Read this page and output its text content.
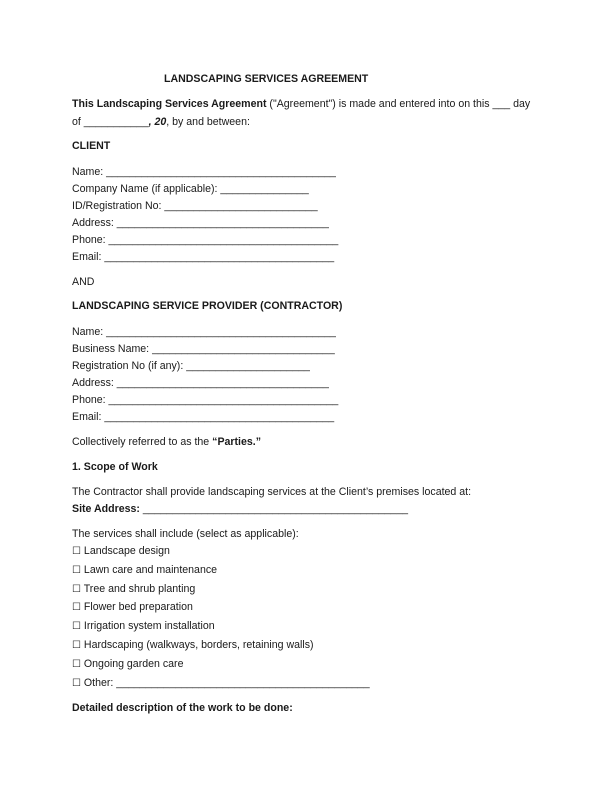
LANDSCAPING SERVICES AGREEMENT

This Landscaping Services Agreement ("Agreement") is made and entered into on this ___ day

of ___________, 20, by and between:

CLIENT

Name: _______________________________________

Company Name (if applicable): _______________

ID/Registration No: __________________________

Address: ____________________________________

Phone: _______________________________________

Email: _______________________________________

AND

LANDSCAPING SERVICE PROVIDER (CONTRACTOR)

Name: _______________________________________

Business Name: _______________________________

Registration No (if any): _____________________

Address: ____________________________________

Phone: _______________________________________

Email: _______________________________________

Collectively referred to as the “Parties.”

1. Scope of Work

The Contractor shall provide landscaping services at the Client’s premises located at:

Site Address: _____________________________________________

The services shall include (select as applicable):

☐ Landscape design

☐ Lawn care and maintenance

☐ Tree and shrub planting

☐ Flower bed preparation

☐ Irrigation system installation

☐ Hardscaping (walkways, borders, retaining walls)

☐ Ongoing garden care

☐ Other: ___________________________________________

Detailed description of the work to be done:
